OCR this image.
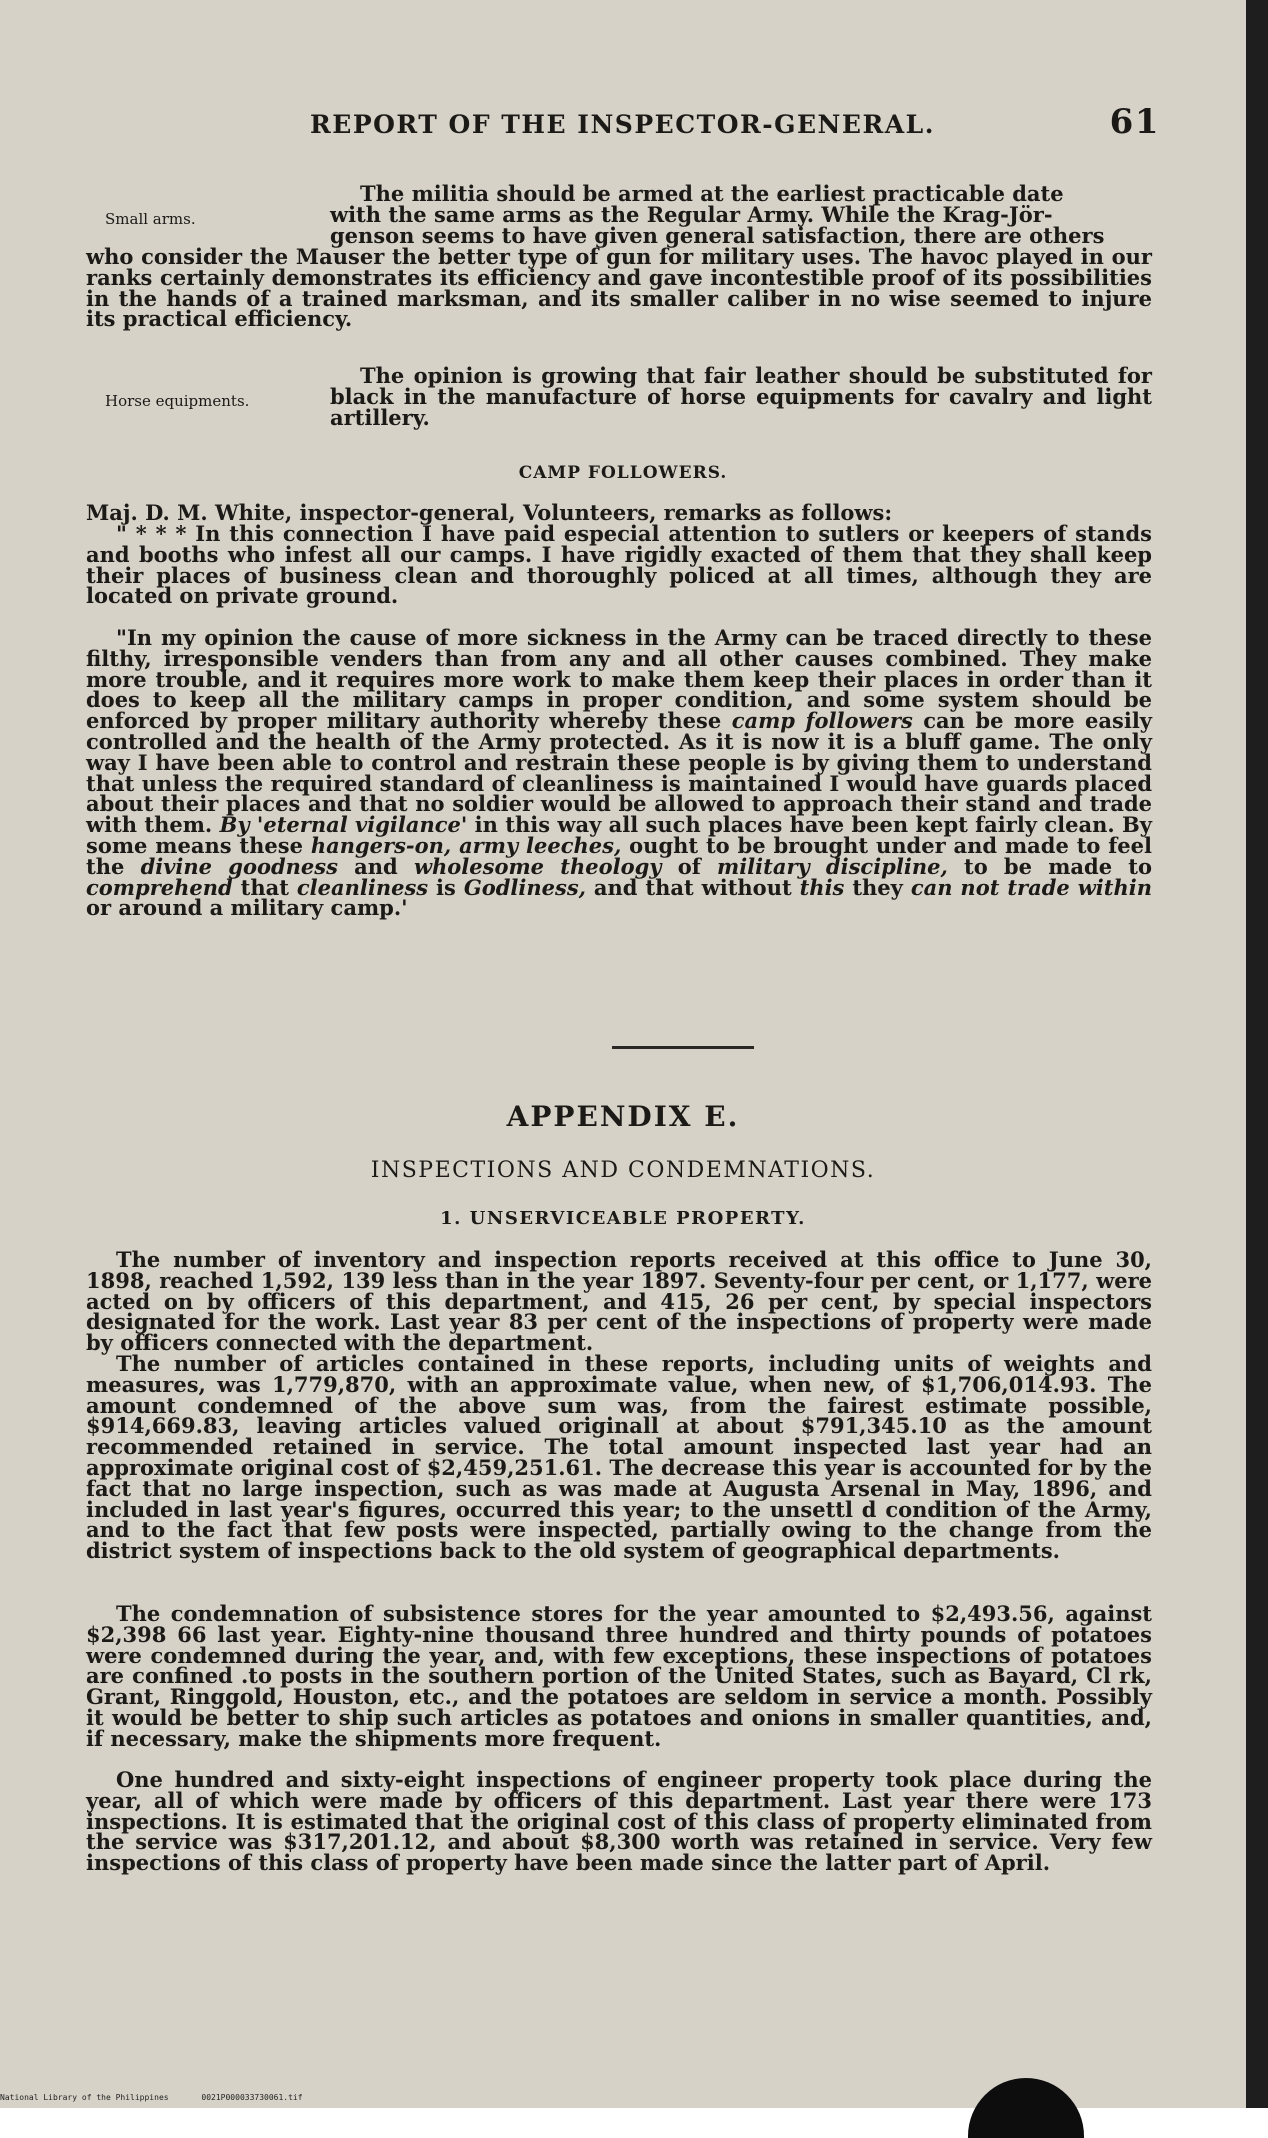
REPORT OF THE INSPECTOR-GENERAL.	61
Small arms.

The militia should be armed at the earliest practicable date

with the same arms as the Regular Army. While the Krag-Jör-

genson seems to have given general satisfaction, there are others

who consider the Mauser the better type of gun for military uses. The havoc played in our ranks certainly demonstrates its efficiency and gave incontestible proof of its possibilities in the hands of a trained marksman, and its smaller caliber in no wise seemed to injure its practical efficiency.

Horse equipments.

The opinion is growing that fair leather should be substituted for black in the manufacture of horse equipments for cavalry and light artillery.

CAMP FOLLOWERS.

Maj. D. M. White, inspector-general, Volunteers, remarks as follows:

" * * * In this connection I have paid especial attention to sutlers or keepers of stands and booths who infest all our camps. I have rigidly exacted of them that they shall keep their places of business clean and thoroughly policed at all times, although they are located on private ground.

"In my opinion the cause of more sickness in the Army can be traced directly to these filthy, irresponsible venders than from any and all other causes combined. They make more trouble, and it requires more work to make them keep their places in order than it does to keep all the military camps in proper condition, and some system should be enforced by proper military authority whereby these camp followers can be more easily controlled and the health of the Army protected. As it is now it is a bluff game. The only way I have been able to control and restrain these people is by giving them to understand that unless the required standard of cleanliness is maintained I would have guards placed about their places and that no soldier would be allowed to approach their stand and trade with them. By 'eternal vigilance' in this way all such places have been kept fairly clean. By some means these hangers-on, army leeches, ought to be brought under and made to feel the divine goodness and wholesome theology of military discipline, to be made to comprehend that cleanliness is Godliness, and that without this they can not trade within or around a military camp.'

APPENDIX E.
INSPECTIONS AND CONDEMNATIONS.
1. UNSERVICEABLE PROPERTY.

The number of inventory and inspection reports received at this office to June 30, 1898, reached 1,592, 139 less than in the year 1897. Seventy-four per cent, or 1,177, were acted on by officers of this department, and 415, 26 per cent, by special inspectors designated for the work. Last year 83 per cent of the inspections of property were made by officers connected with the department.

The number of articles contained in these reports, including units of weights and measures, was 1,779,870, with an approximate value, when new, of $1,706,014.93. The amount condemned of the above sum was, from the fairest estimate possible, $914,669.83, leaving articles valued originall at about $791,345.10 as the amount recommended retained in service. The total amount inspected last year had an approximate original cost of $2,459,251.61. The decrease this year is accounted for by the fact that no large inspection, such as was made at Augusta Arsenal in May, 1896, and included in last year's figures, occurred this year; to the unsettl d condition of the Army, and to the fact that few posts were inspected, partially owing to the change from the district system of inspections back to the old system of geographical departments.

The condemnation of subsistence stores for the year amounted to $2,493.56, against $2,398 66 last year. Eighty-nine thousand three hundred and thirty pounds of potatoes were condemned during the year, and, with few exceptions, these inspections of potatoes are confined .to posts in the southern portion of the United States, such as Bayard, Cl rk, Grant, Ringgold, Houston, etc., and the potatoes are seldom in service a month. Possibly it would be better to ship such articles as potatoes and onions in smaller quantities, and, if necessary, make the shipments more frequent.

One hundred and sixty-eight inspections of engineer property took place during the year, all of which were made by officers of this department. Last year there were 173 inspections. It is estimated that the original cost of this class of property eliminated from the service was $317,201.12, and about $8,300 worth was retained in service. Very few inspections of this class of property have been made since the latter part of April.

National Library of the Philippines	0021P000033730061.tif
